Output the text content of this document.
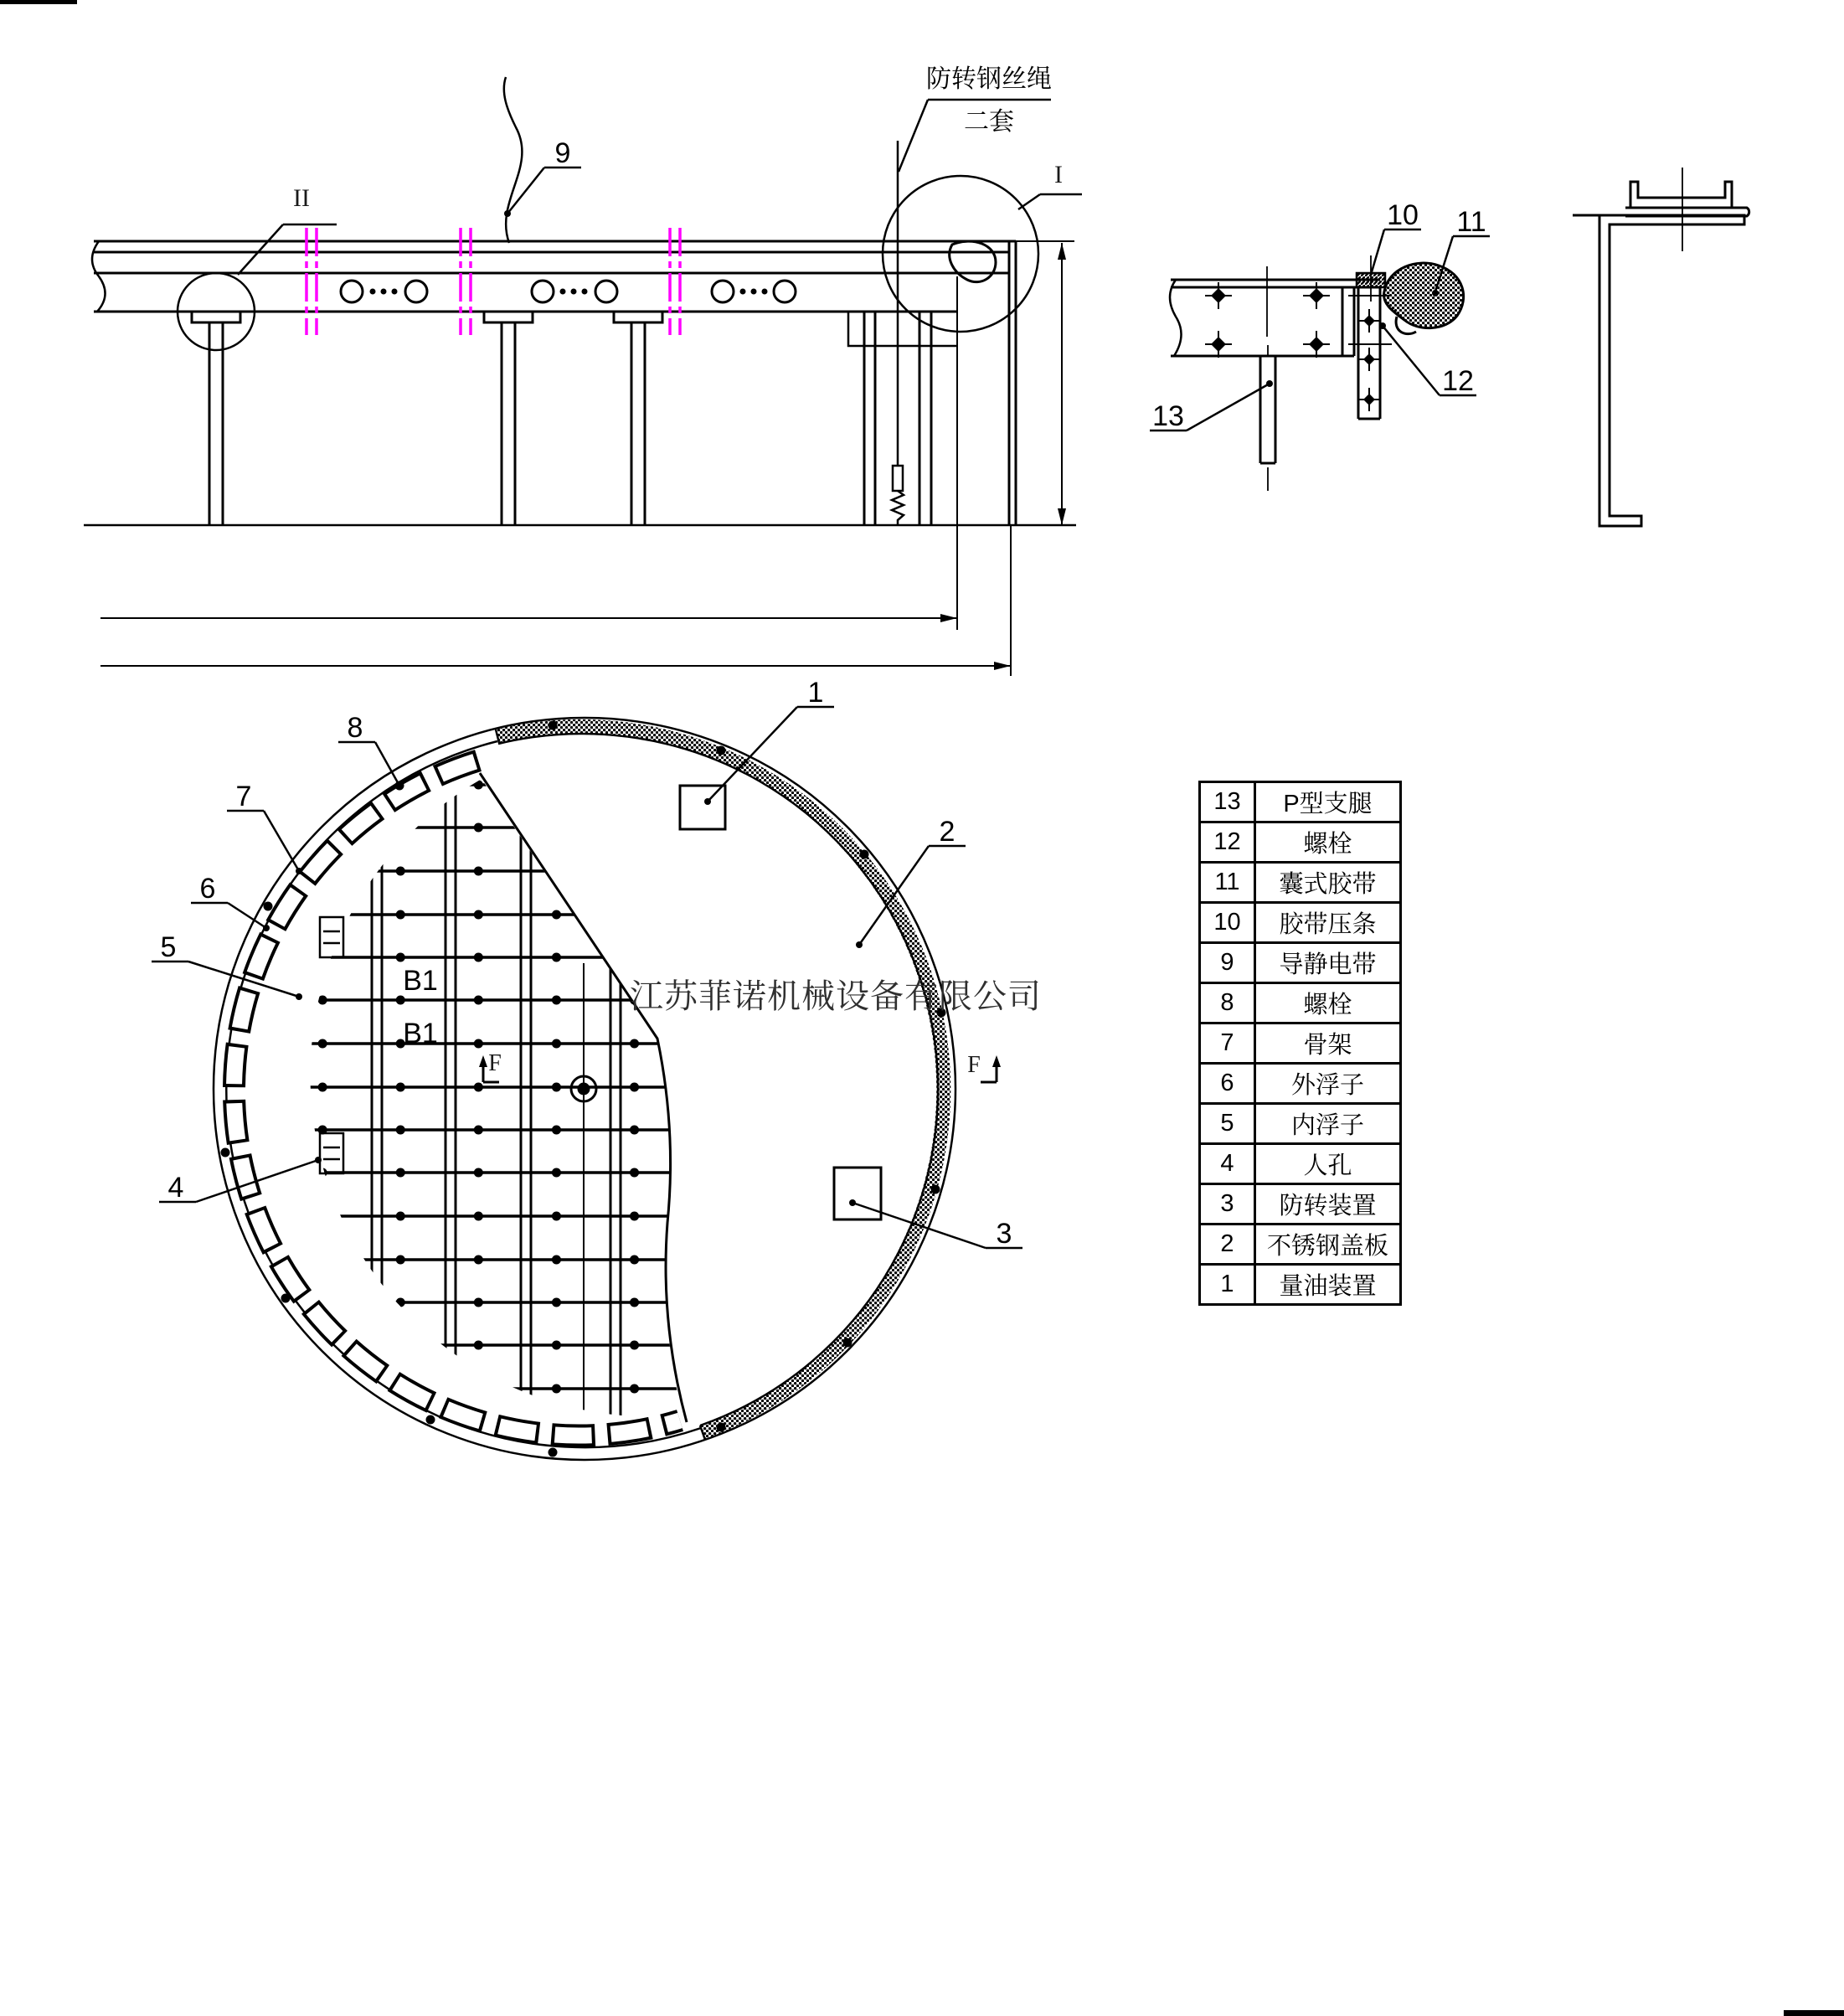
9
II
I
防转钢丝绳
二套
10 11
12
13
8
7
6
5
4
1
2
3
F	F
B1
B1
江苏菲诺机械设备有限公司
13	P型支腿
12	螺栓
11	囊式胶带
10	胶带压条
9	导静电带
8	螺栓
7	骨架
6	外浮子
5	内浮子
4	人孔
3	防转装置
2	不锈钢盖板
1	量油装置
